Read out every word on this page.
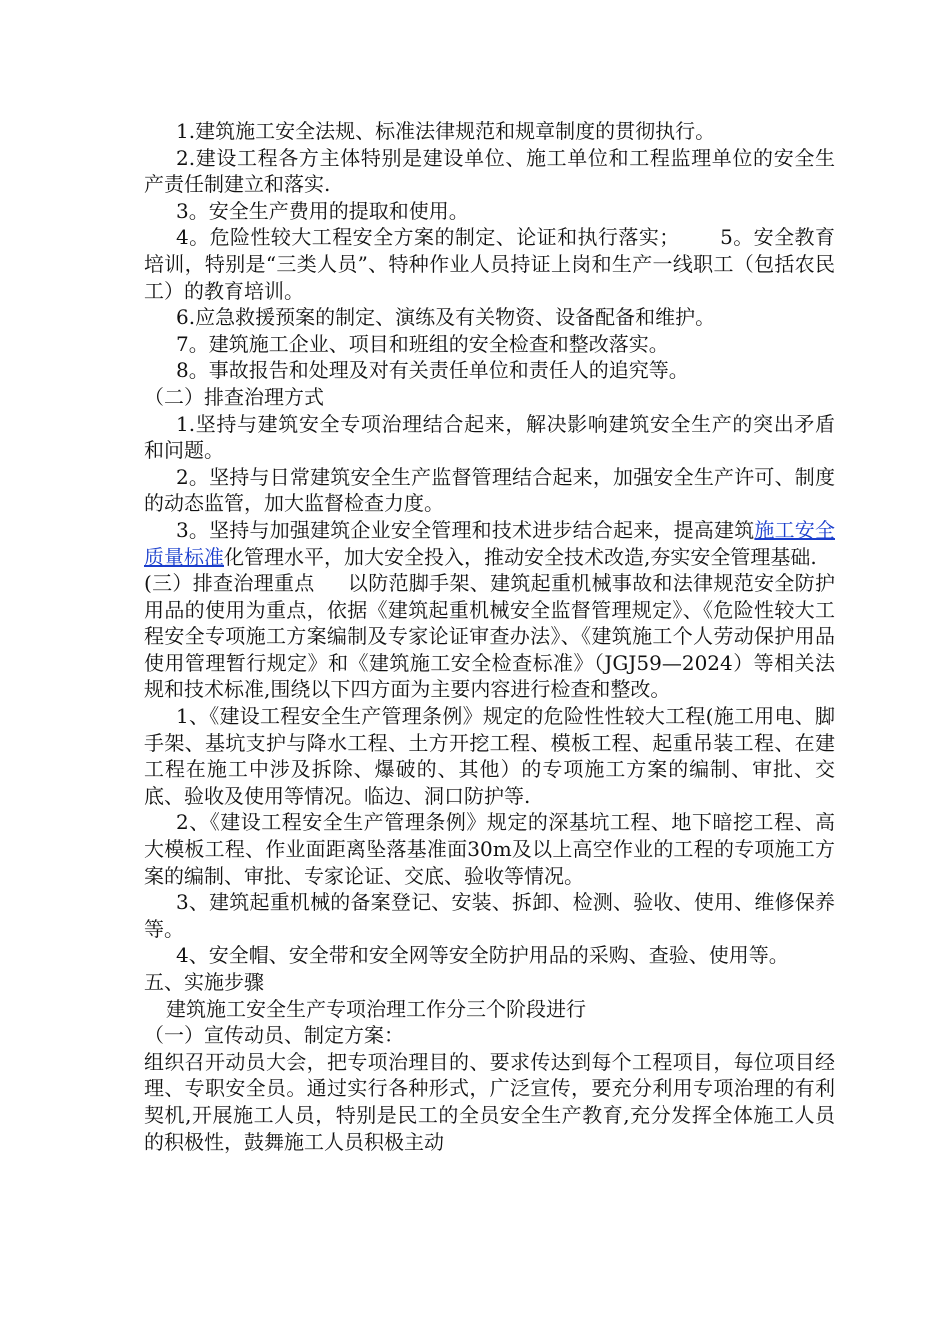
1.建筑施工安全法规、标准法律规范和规章制度的贯彻执行。

2.建设工程各方主体特别是建设单位、施工单位和工程监理单位的安全生产责任制建立和落实.

3。安全生产费用的提取和使用。

4。危险性较大工程安全方案的制定、论证和执行落实；      5。安全教育培训，特别是“三类人员”、特种作业人员持证上岗和生产一线职工（包括农民工）的教育培训。

6.应急救援预案的制定、演练及有关物资、设备配备和维护。

7。建筑施工企业、项目和班组的安全检查和整改落实。

8。事故报告和处理及对有关责任单位和责任人的追究等。

（二）排查治理方式

1.坚持与建筑安全专项治理结合起来，解决影响建筑安全生产的突出矛盾和问题。

2。坚持与日常建筑安全生产监督管理结合起来，加强安全生产许可、制度的动态监管，加大监督检查力度。

3。坚持与加强建筑企业安全管理和技术进步结合起来，提高建筑施工安全质量标准化管理水平，加大安全投入，推动安全技术改造,夯实安全管理基础.

(三）排查治理重点     以防范脚手架、建筑起重机械事故和法律规范安全防护用品的使用为重点，依据《建筑起重机械安全监督管理规定》、《危险性较大工程安全专项施工方案编制及专家论证审查办法》、《建筑施工个人劳动保护用品使用管理暂行规定》和《建筑施工安全检查标准》（JGJ59—2024）等相关法规和技术标准,围绕以下四方面为主要内容进行检查和整改。

1、《建设工程安全生产管理条例》规定的危险性性较大工程(施工用电、脚手架、基坑支护与降水工程、土方开挖工程、模板工程、起重吊装工程、在建工程在施工中涉及拆除、爆破的、其他）的专项施工方案的编制、审批、交底、验收及使用等情况。临边、洞口防护等.

2、《建设工程安全生产管理条例》规定的深基坑工程、地下暗挖工程、高大模板工程、作业面距离坠落基准面30m及以上高空作业的工程的专项施工方案的编制、审批、专家论证、交底、验收等情况。

3、建筑起重机械的备案登记、安装、拆卸、检测、验收、使用、维修保养等。

4、安全帽、安全带和安全网等安全防护用品的采购、查验、使用等。

五、实施步骤

建筑施工安全生产专项治理工作分三个阶段进行

（一）宣传动员、制定方案：

组织召开动员大会，把专项治理目的、要求传达到每个工程项目，每位项目经理、专职安全员。通过实行各种形式，广泛宣传，要充分利用专项治理的有利契机,开展施工人员，特别是民工的全员安全生产教育,充分发挥全体施工人员的积极性，鼓舞施工人员积极主动
